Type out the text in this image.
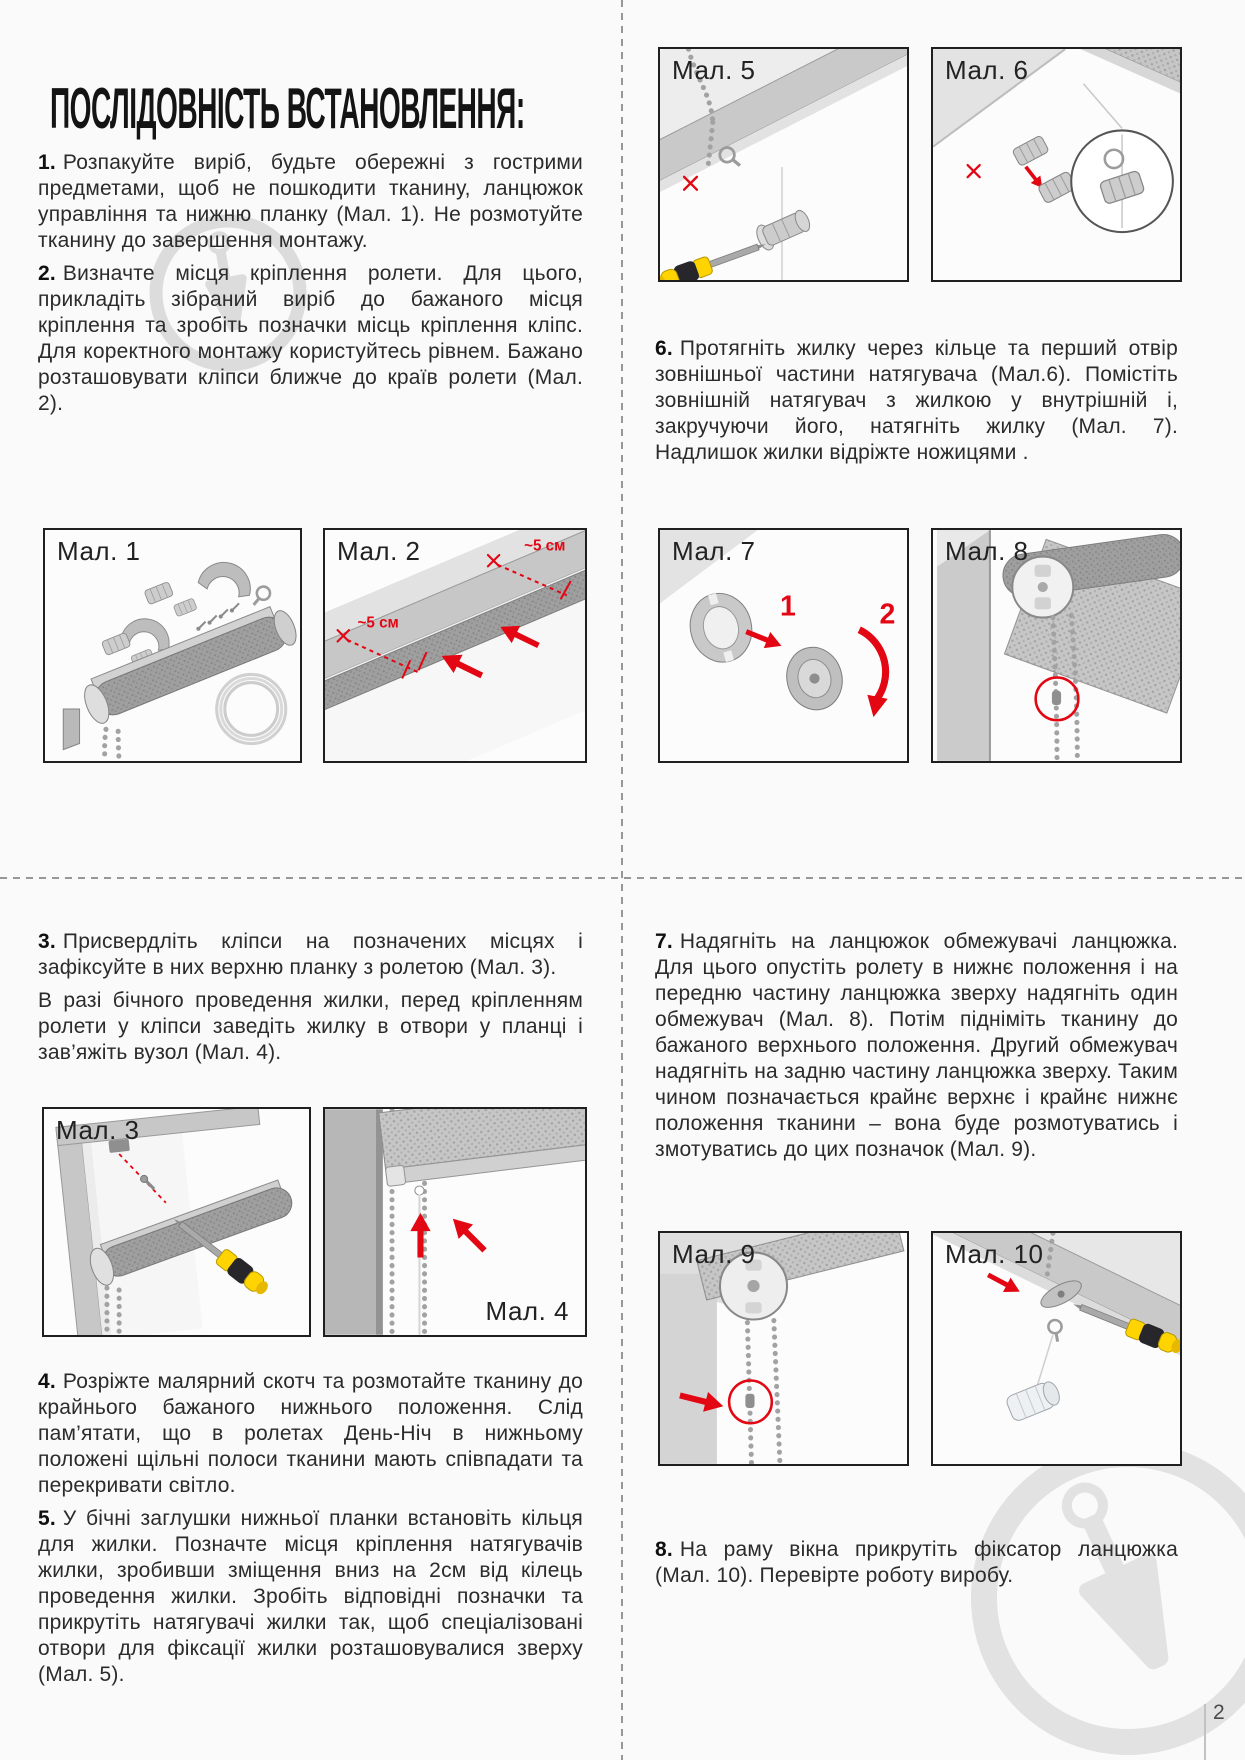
ПОСЛІДОВНІСТЬ ВСТАНОВЛЕННЯ:

1. Розпакуйте виріб, будьте обережні з гострими предметами, щоб не пошкодити тканину, ланцюжок управління та нижню планку (Мал. 1). Не розмотуйте тканину до завершення монтажу.

2. Визначте місця кріплення ролети. Для цього, прикладіть зібраний виріб до бажаного місця кріплення та зробіть позначки місць кріплення кліпс. Для коректного монтажу користуйтесь рівнем. Бажано розташовувати кліпси ближче до країв ролети (Мал. 2).

6. Протягніть жилку через кільце та перший отвір зовнішньої частини натягувача (Мал.6). Помістіть зовнішній натягувач з жилкою у внутрішній і, закручуючи його, натягніть жилку (Мал. 7). Надлишок жилки відріжте ножицями .

3. Присвердліть кліпси на позначених місцях і зафіксуйте в них верхню планку з ролетою (Мал. 3).

В разі бічного проведення жилки, перед кріпленням ролети у кліпси заведіть жилку в отвори у планці і зав’яжіть вузол (Мал. 4).

4. Розріжте малярний скотч та розмотайте тканину до крайнього бажаного нижнього положення. Слід пам’ятати, що в ролетах День-Ніч в нижньому положені щільні полоси тканини мають співпадати та перекривати світло.

5. У бічні заглушки нижньої планки встановіть кільця для жилки. Позначте місця кріплення натягувачів жилки, зробивши зміщення вниз на 2см від кілець проведення жилки. Зробіть відповідні позначки та прикрутіть натягувачі жилки так, щоб спеціалізовані отвори для фіксації жилки розташовувалися зверху (Мал. 5).

7. Надягніть на ланцюжок обмежувачі ланцюжка. Для цього опустіть ролету в нижнє положення і на передню частину ланцюжка зверху надягніть один обмежувач (Мал. 8). Потім підніміть тканину до бажаного верхнього положення. Другий обмежувач надягніть на задню частину ланцюжка зверху. Таким чином позначається крайнє верхнє і крайнє нижнє положення тканини – вона буде розмотуватись і змотуватись до цих позначок (Мал. 9).

8. На раму вікна прикрутіть фіксатор ланцюжка (Мал. 10). Перевірте роботу виробу.

Мал. 5	Мал. 6
Мал. 1	~5 см
~5 см
Мал. 2
1	2
Мал. 7	Мал. 8
Мал. 3
Мал. 4
Мал. 9	Мал. 10
2
